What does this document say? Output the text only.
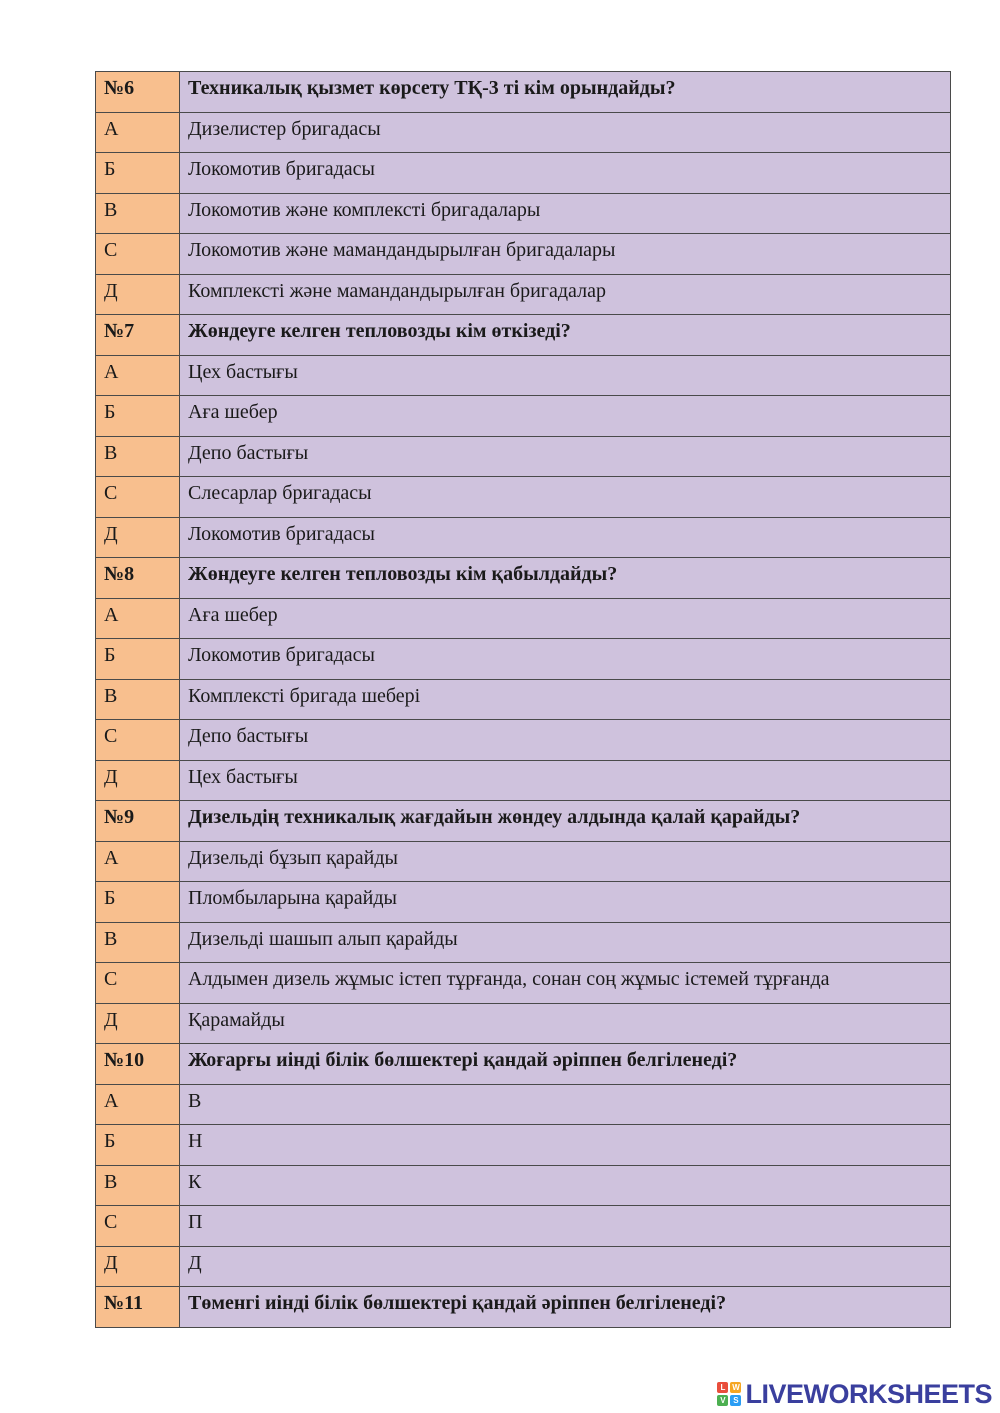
№6	Техникалық қызмет көрсету ТҚ-3 ті кім орындайды?
А	Дизелистер бригадасы
Б	Локомотив бригадасы
В	Локомотив және комплексті бригадалары
С	Локомотив және мамандандырылған бригадалары
Д	Комплексті және мамандандырылған бригадалар
№7	Жөндеуге келген тепловозды кім өткізеді?
А	Цех бастығы
Б	Аға шебер
В	Депо бастығы
С	Слесарлар бригадасы
Д	Локомотив бригадасы
№8	Жөндеуге келген тепловозды кім қабылдайды?
А	Аға шебер
Б	Локомотив бригадасы
В	Комплексті бригада шебері
С	Депо бастығы
Д	Цех бастығы
№9	Дизельдің техникалық жағдайын жөндеу алдында қалай қарайды?
А	Дизельді бұзып қарайды
Б	Пломбыларына қарайды
В	Дизельді шашып алып қарайды
С	Алдымен дизель жұмыс істеп тұрғанда, сонан соң жұмыс істемей тұрғанда
Д	Қарамайды
№10	Жоғарғы иінді білік бөлшектері қандай әріппен белгіленеді?
А	В
Б	Н
В	К
С	П
Д	Д
№11	Төменгі иінді білік бөлшектері қандай әріппен белгіленеді?
L W
V S LIVEWORKSHEETS
